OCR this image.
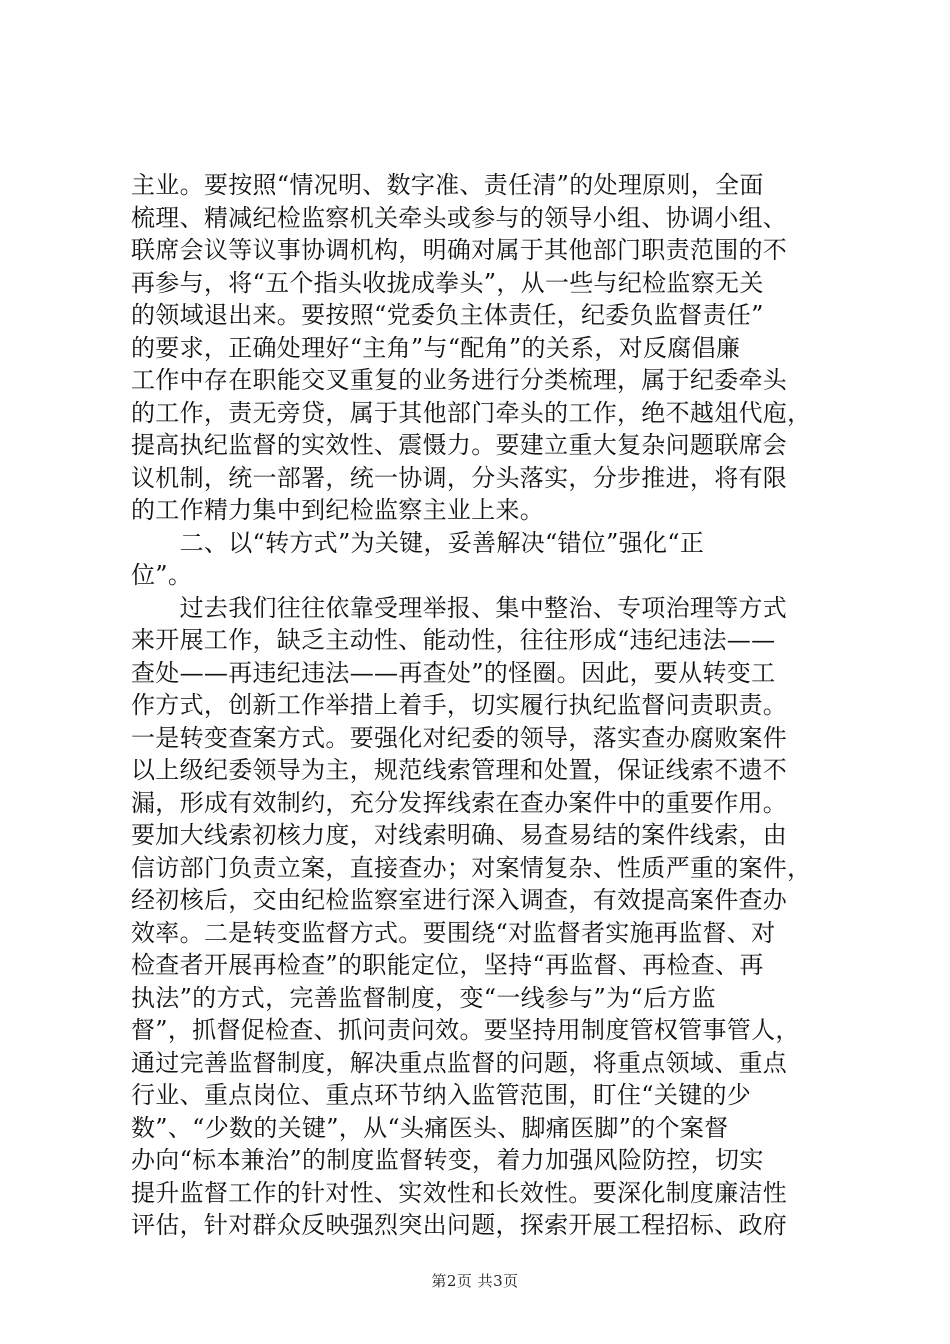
主业。要按照“情况明、数字准、责任清”的处理原则，全面
梳理、精减纪检监察机关牵头或参与的领导小组、协调小组、
联席会议等议事协调机构，明确对属于其他部门职责范围的不
再参与，将“五个指头收拢成拳头”，从一些与纪检监察无关
的领域退出来。要按照“党委负主体责任，纪委负监督责任”
的要求，正确处理好“主角”与“配角”的关系，对反腐倡廉
工作中存在职能交叉重复的业务进行分类梳理，属于纪委牵头
的工作，责无旁贷，属于其他部门牵头的工作，绝不越俎代庖，
提高执纪监督的实效性、震慑力。要建立重大复杂问题联席会
议机制，统一部署，统一协调，分头落实，分步推进，将有限
的工作精力集中到纪检监察主业上来。
　　二、以“转方式”为关键，妥善解决“错位”强化“正
位”。
　　过去我们往往依靠受理举报、集中整治、专项治理等方式
来开展工作，缺乏主动性、能动性，往往形成“违纪违法——
查处——再违纪违法——再查处”的怪圈。因此，要从转变工
作方式，创新工作举措上着手，切实履行执纪监督问责职责。
一是转变查案方式。要强化对纪委的领导，落实查办腐败案件
以上级纪委领导为主，规范线索管理和处置，保证线索不遗不
漏，形成有效制约，充分发挥线索在查办案件中的重要作用。
要加大线索初核力度，对线索明确、易查易结的案件线索，由
信访部门负责立案，直接查办；对案情复杂、性质严重的案件，
经初核后，交由纪检监察室进行深入调查，有效提高案件查办
效率。二是转变监督方式。要围绕“对监督者实施再监督、对
检查者开展再检查”的职能定位，坚持“再监督、再检查、再
执法”的方式，完善监督制度，变“一线参与”为“后方监
督”，抓督促检查、抓问责问效。要坚持用制度管权管事管人，
通过完善监督制度，解决重点监督的问题，将重点领域、重点
行业、重点岗位、重点环节纳入监管范围，盯住“关键的少
数”、“少数的关键”，从“头痛医头、脚痛医脚”的个案督
办向“标本兼治”的制度监督转变，着力加强风险防控，切实
提升监督工作的针对性、实效性和长效性。要深化制度廉洁性
评估，针对群众反映强烈突出问题，探索开展工程招标、政府
第2页 共3页
